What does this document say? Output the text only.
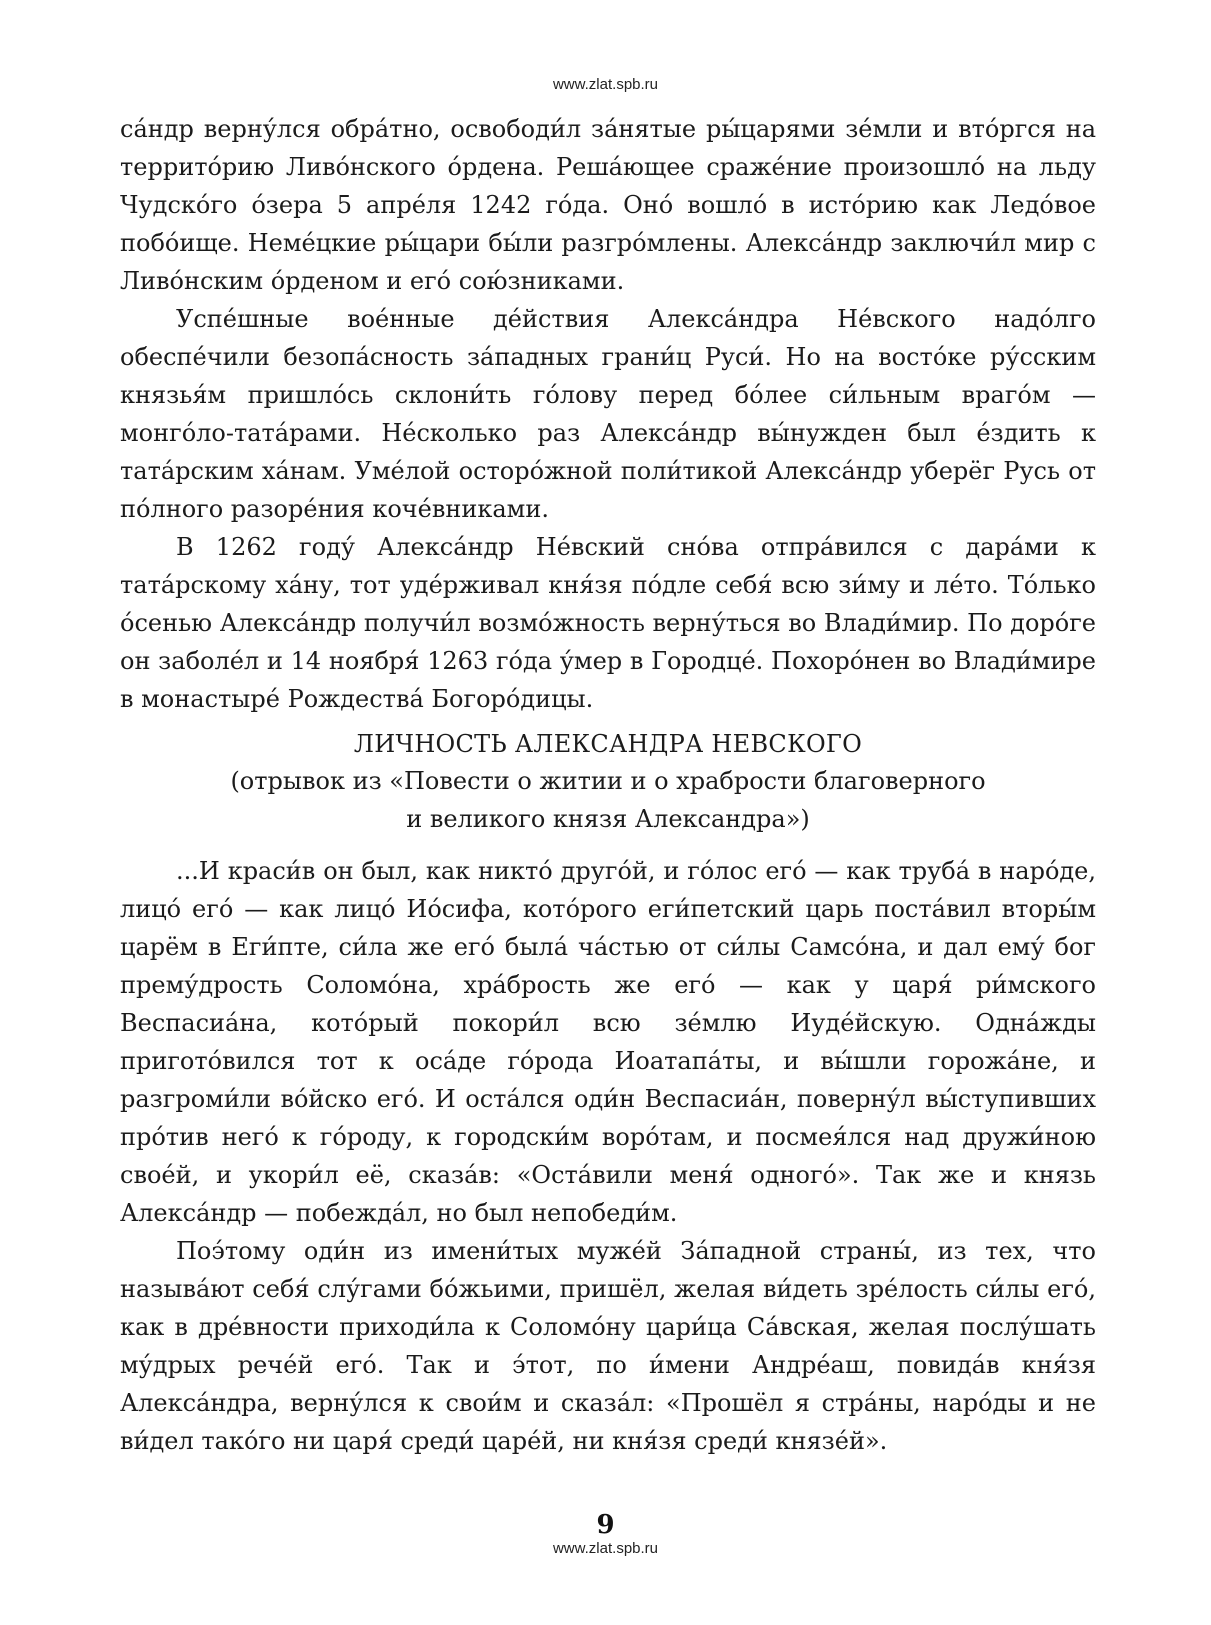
www.zlat.spb.ru

са́ндр верну́лся обра́тно, освободи́л за́нятые ры́царями зе́мли и вто́ргся на террито́рию Ливо́нского о́рдена. Реша́ющее сраже́ние произошло́ на льду Чудско́го о́зера 5 апре́ля 1242 го́да. Оно́ вошло́ в исто́рию как Ледо́вое побо́ище. Неме́цкие ры́цари бы́ли разгро́млены. Алекса́ндр заключи́л мир с Ливо́нским о́рденом и его́ сою́зниками.

Успе́шные вое́нные де́йствия Алекса́ндра Не́вского надо́лго обеспе́чили безопа́сность за́падных грани́ц Руси́. Но на восто́ке ру́сским князья́м пришло́сь склони́ть го́лову перед бо́лее си́льным враго́м — монго́ло-тата́рами. Не́сколько раз Алекса́ндр вы́нужден был е́здить к тата́рским ха́нам. Уме́лой осторо́жной поли́тикой Алекса́ндр уберёг Русь от по́лного разоре́ния коче́вниками.

В 1262 году́ Алекса́ндр Не́вский сно́ва отпра́вился с дара́ми к тата́рскому ха́ну, тот уде́рживал кня́зя по́дле себя́ всю зи́му и ле́то. То́лько о́сенью Алекса́ндр получи́л возмо́жность верну́ться во Влади́мир. По доро́ге он заболе́л и 14 ноября́ 1263 го́да у́мер в Городце́. Похоро́нен во Влади́мире в монастыре́ Рождества́ Богоро́дицы.

ЛИЧНОСТЬ АЛЕКСАНДРА НЕВСКОГО
(отрывок из «Повести о житии и о храбрости благоверного
и великого князя Александра»)

...И краси́в он был, как никто́ друго́й, и го́лос его́ — как труба́ в наро́де, лицо́ его́ — как лицо́ Ио́сифа, кото́рого еги́петский царь поста́вил вторы́м царём в Еги́пте, си́ла же его́ была́ ча́стью от си́лы Самсо́на, и дал ему́ бог прему́дрость Соломо́на, хра́брость же его́ — как у царя́ ри́мского Веспасиа́на, кото́рый покори́л всю зе́млю Иуде́йскую. Одна́жды пригото́вился тот к оса́де го́рода Иоатапа́ты, и вы́шли горожа́не, и разгроми́ли во́йско его́. И оста́лся оди́н Веспасиа́н, поверну́л вы́ступивших про́тив него́ к го́роду, к городски́м воро́там, и посмея́лся над дружи́ною свое́й, и укори́л её, сказа́в: «Оста́вили меня́ одного́». Так же и князь Алекса́ндр — побежда́л, но был непобеди́м.

Поэ́тому оди́н из имени́тых муже́й За́падной страны́, из тех, что называ́ют себя́ слу́гами бо́жьими, пришёл, желая ви́деть зре́лость си́лы его́, как в дре́вности приходи́ла к Соломо́ну цари́ца Са́вская, желая послу́шать му́дрых рече́й его́. Так и э́тот, по и́мени Андре́аш, повида́в кня́зя Алекса́ндра, верну́лся к свои́м и сказа́л: «Прошёл я стра́ны, наро́ды и не ви́дел тако́го ни царя́ среди́ царе́й, ни кня́зя среди́ князе́й».

9
www.zlat.spb.ru
